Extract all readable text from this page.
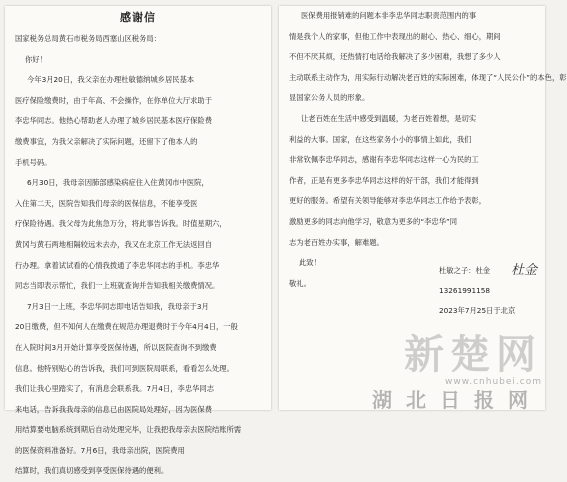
感谢信
国家税务总局黄石市税务局西塞山区税务局：
你好！
今年3月20日，我父亲在办理杜敏德纳城乡居民基本
医疗保险缴费时，由于年高、不会操作，在你单位大厅求助于
李忠华同志。他热心帮助老人办理了城乡居民基本医疗保险费
缴费事宜，为我父亲解决了实际问题，还留下了他本人的
手机号码。
6月30日，我母亲因肺部感染病症住入住黄冈市中医院，
入住第二天，医院告知我们母亲的医保信息，不能享受医
疗保险待遇。我父母为此焦急万分，将此事告诉我。时值星期六，
黄冈与黄石两地相隔较远未去办，我又在北京工作无法返回自
行办理。拿着试试看的心情我拨通了李忠华同志的手机。李忠华
同志当即表示帮忙，我们一上班就查询并告知我相关缴费情况。
7月3日一上班，李忠华同志即电话告知我，我母亲于3月
20日缴费，但不知何人在缴费在规范办理退费时于今年4月4日，一般
在入院时间3月开始计算享受医保待遇，所以医院查询不到缴费
信息。他特别贴心的告诉我，我们可到医院局联系，看看怎么处理。
我们让我心里踏实了，有消息会联系我。7月4日，李忠华同志
来电话，告诉我我母亲的信息已由医院局处理好，因为医保费
用结算要电脑系统到期后自动处理完毕，让我把我母亲去医院结账所需
的医保资料准备好。7月6日，我母亲出院，医院费用
结算时，我们真切感受到享受医保待遇的便利。
医保费用报销难的问题本非李忠华同志职责范围内的事
情是我个人的家事，但他工作中表现出的耐心、热心、细心，期间
不但不厌其烦，还热情打电话给我解决了多少困难，我想了多少人
主动联系主动作为，用实际行动解决老百姓的实际困难，体现了“人民公仆”的本色，彰
显国家公务人员的形象。
让老百姓在生活中感受到温暖，为老百姓着想，是切实
利益的大事。国家，在这些家务小小的事情上如此，我们
非常钦佩李忠华同志，感谢有李忠华同志这样一心为民的工
作者，正是有更多李忠华同志这样的好干部，我们才能得到
更好的服务。希望有关领导能够对李忠华同志工作给予表彰，
激励更多的同志向他学习，敬意为更多的“李忠华”同
志为老百姓办实事，解难题。
此致！
敬礼。
杜敏之子：杜金
13261991158
2023年7月25日于北京
杜金
新楚网
www.cnhubei.com
湖北日报网
